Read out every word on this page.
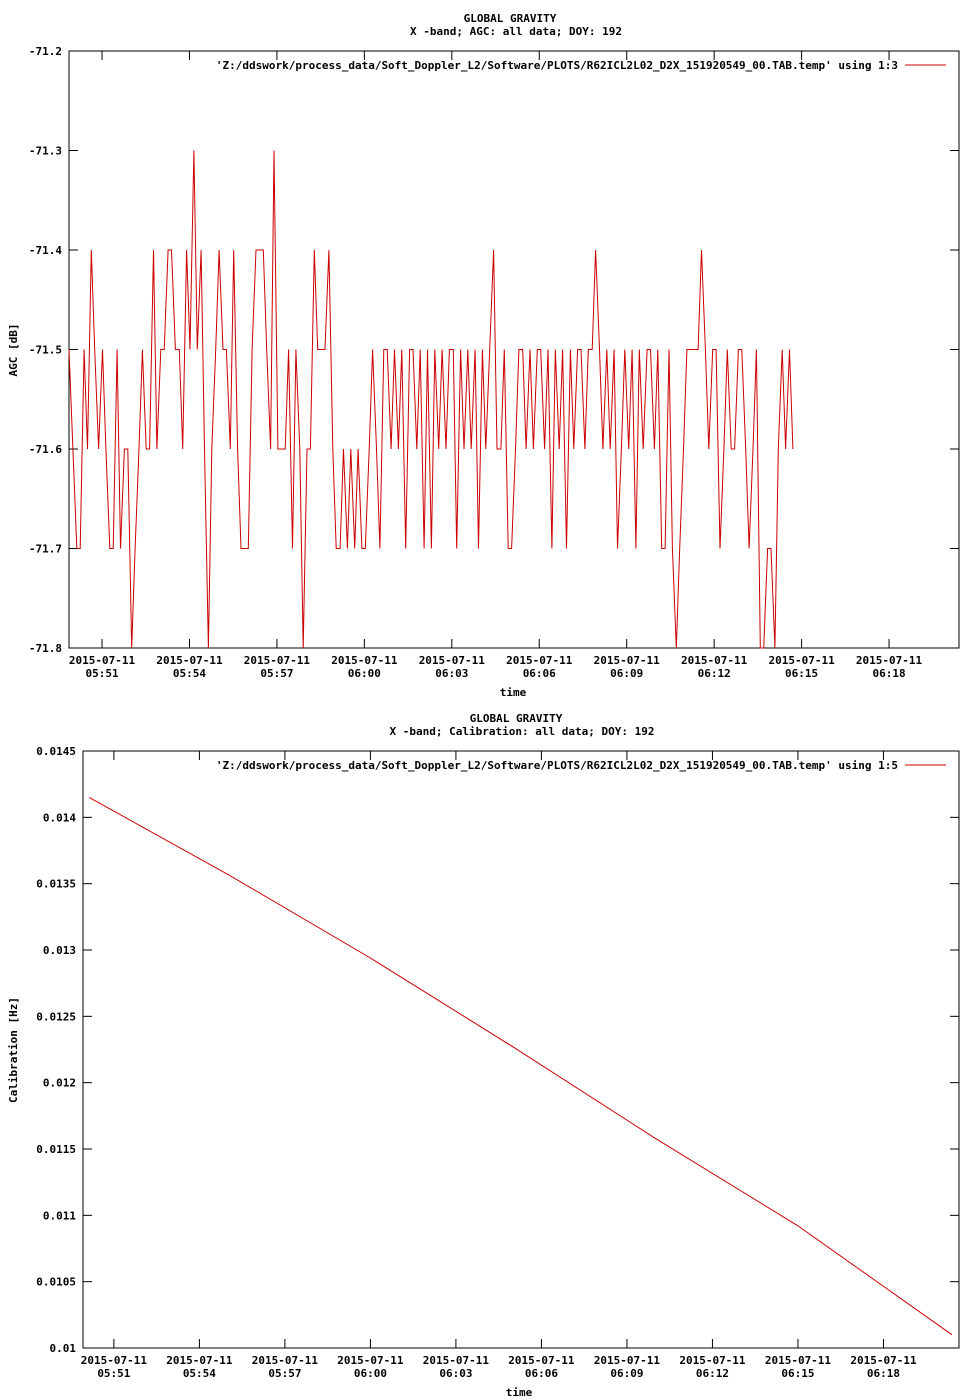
GLOBAL GRAVITY
X -band; AGC: all data; DOY: 192
AGC [dB]
time
'Z:/ddswork/process_data/Soft_Doppler_L2/Software/PLOTS/R62ICL2L02_D2X_151920549_00.TAB.temp' using 1:3
-71.2
-71.3
-71.4
-71.5
-71.6
-71.7
-71.8
2015-07-11
05:51
2015-07-11
05:54
2015-07-11
05:57
2015-07-11
06:00
2015-07-11
06:03
2015-07-11
06:06
2015-07-11
06:09
2015-07-11
06:12
2015-07-11
06:15
2015-07-11
06:18
GLOBAL GRAVITY
X -band; Calibration: all data; DOY: 192
Calibration [Hz]
time
'Z:/ddswork/process_data/Soft_Doppler_L2/Software/PLOTS/R62ICL2L02_D2X_151920549_00.TAB.temp' using 1:5
0.0145
0.014
0.0135
0.013
0.0125
0.012
0.0115
0.011
0.0105
0.01
2015-07-11
05:51
2015-07-11
05:54
2015-07-11
05:57
2015-07-11
06:00
2015-07-11
06:03
2015-07-11
06:06
2015-07-11
06:09
2015-07-11
06:12
2015-07-11
06:15
2015-07-11
06:18
